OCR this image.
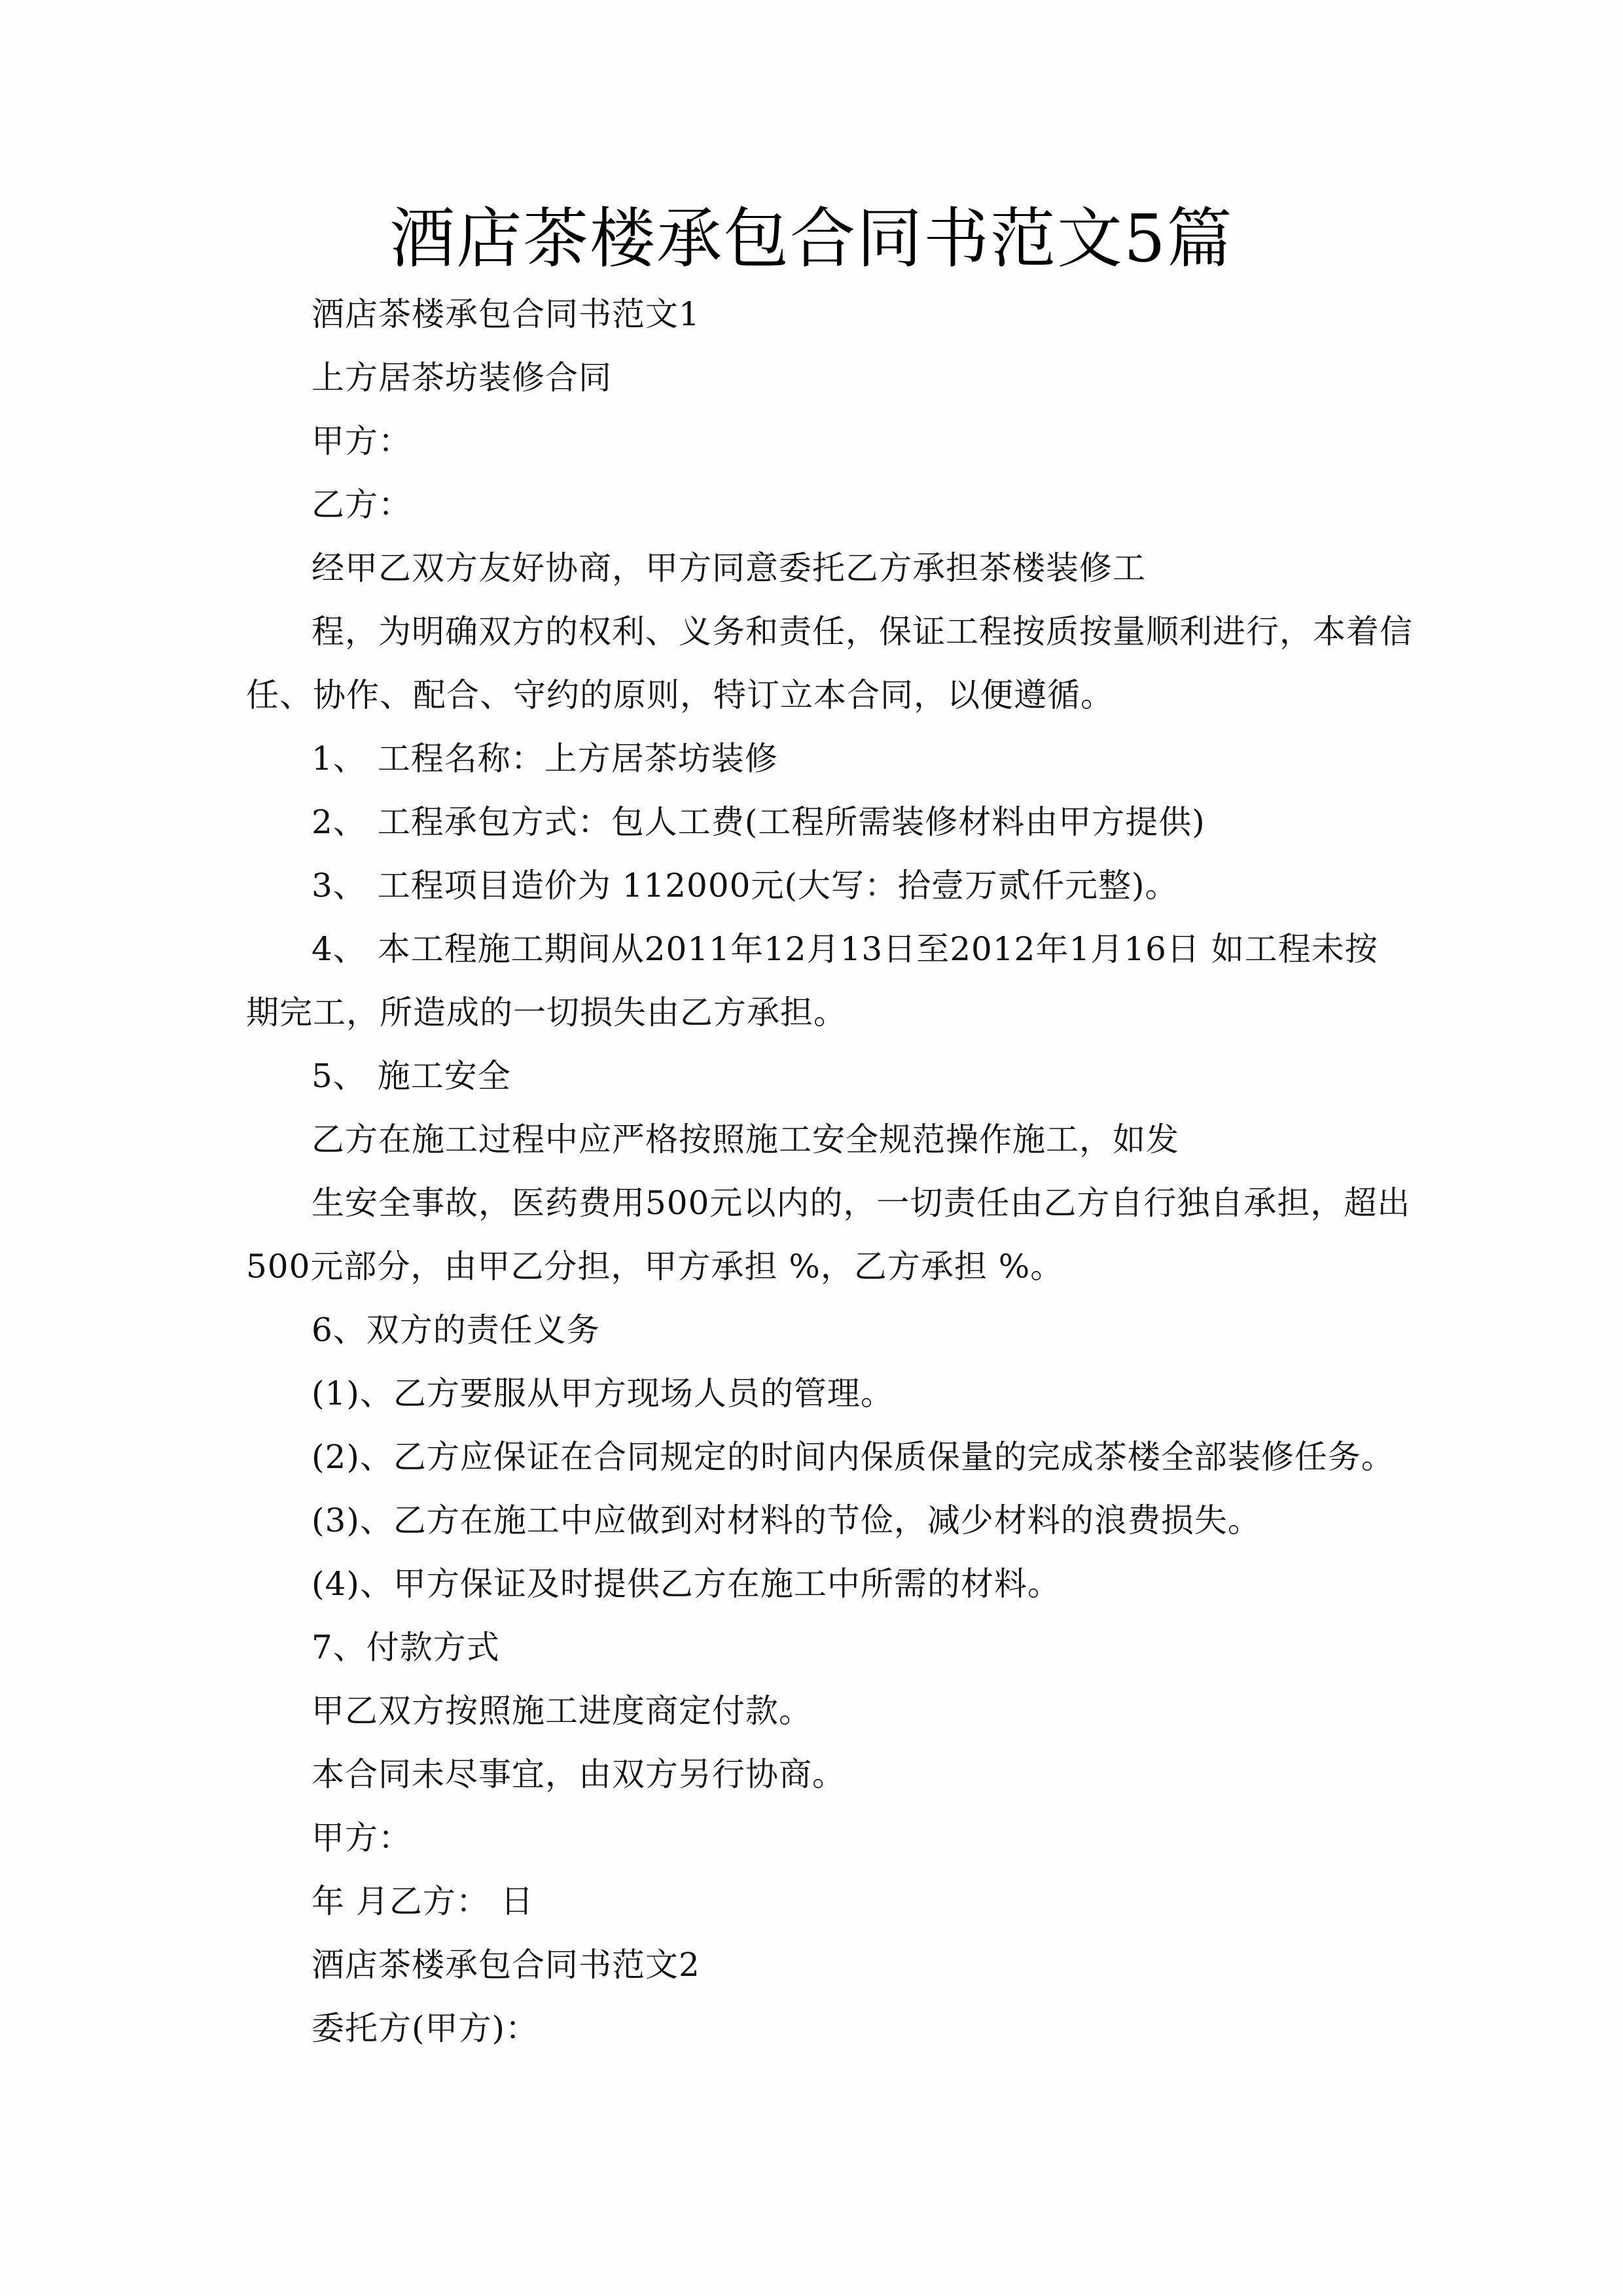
酒店茶楼承包合同书范文5篇
酒店茶楼承包合同书范文1
上方居茶坊装修合同
甲方：
乙方：
经甲乙双方友好协商，甲方同意委托乙方承担茶楼装修工
程，为明确双方的权利、义务和责任，保证工程按质按量顺利进行，本着信
任、协作、配合、守约的原则，特订立本合同，以便遵循。
1、 工程名称：上方居茶坊装修
2、 工程承包方式：包人工费(工程所需装修材料由甲方提供)
3、 工程项目造价为 112000元(大写：拾壹万贰仟元整)。
4、 本工程施工期间从2011年12月13日至2012年1月16日 如工程未按
期完工，所造成的一切损失由乙方承担。
5、 施工安全
乙方在施工过程中应严格按照施工安全规范操作施工，如发
生安全事故，医药费用500元以内的，一切责任由乙方自行独自承担，超出
500元部分，由甲乙分担，甲方承担 %，乙方承担 %。
6、双方的责任义务
(1)、乙方要服从甲方现场人员的管理。
(2)、乙方应保证在合同规定的时间内保质保量的完成茶楼全部装修任务。
(3)、乙方在施工中应做到对材料的节俭，减少材料的浪费损失。
(4)、甲方保证及时提供乙方在施工中所需的材料。
7、付款方式
甲乙双方按照施工进度商定付款。
本合同未尽事宜，由双方另行协商。
甲方：
年 月乙方： 日
酒店茶楼承包合同书范文2
委托方(甲方)：
